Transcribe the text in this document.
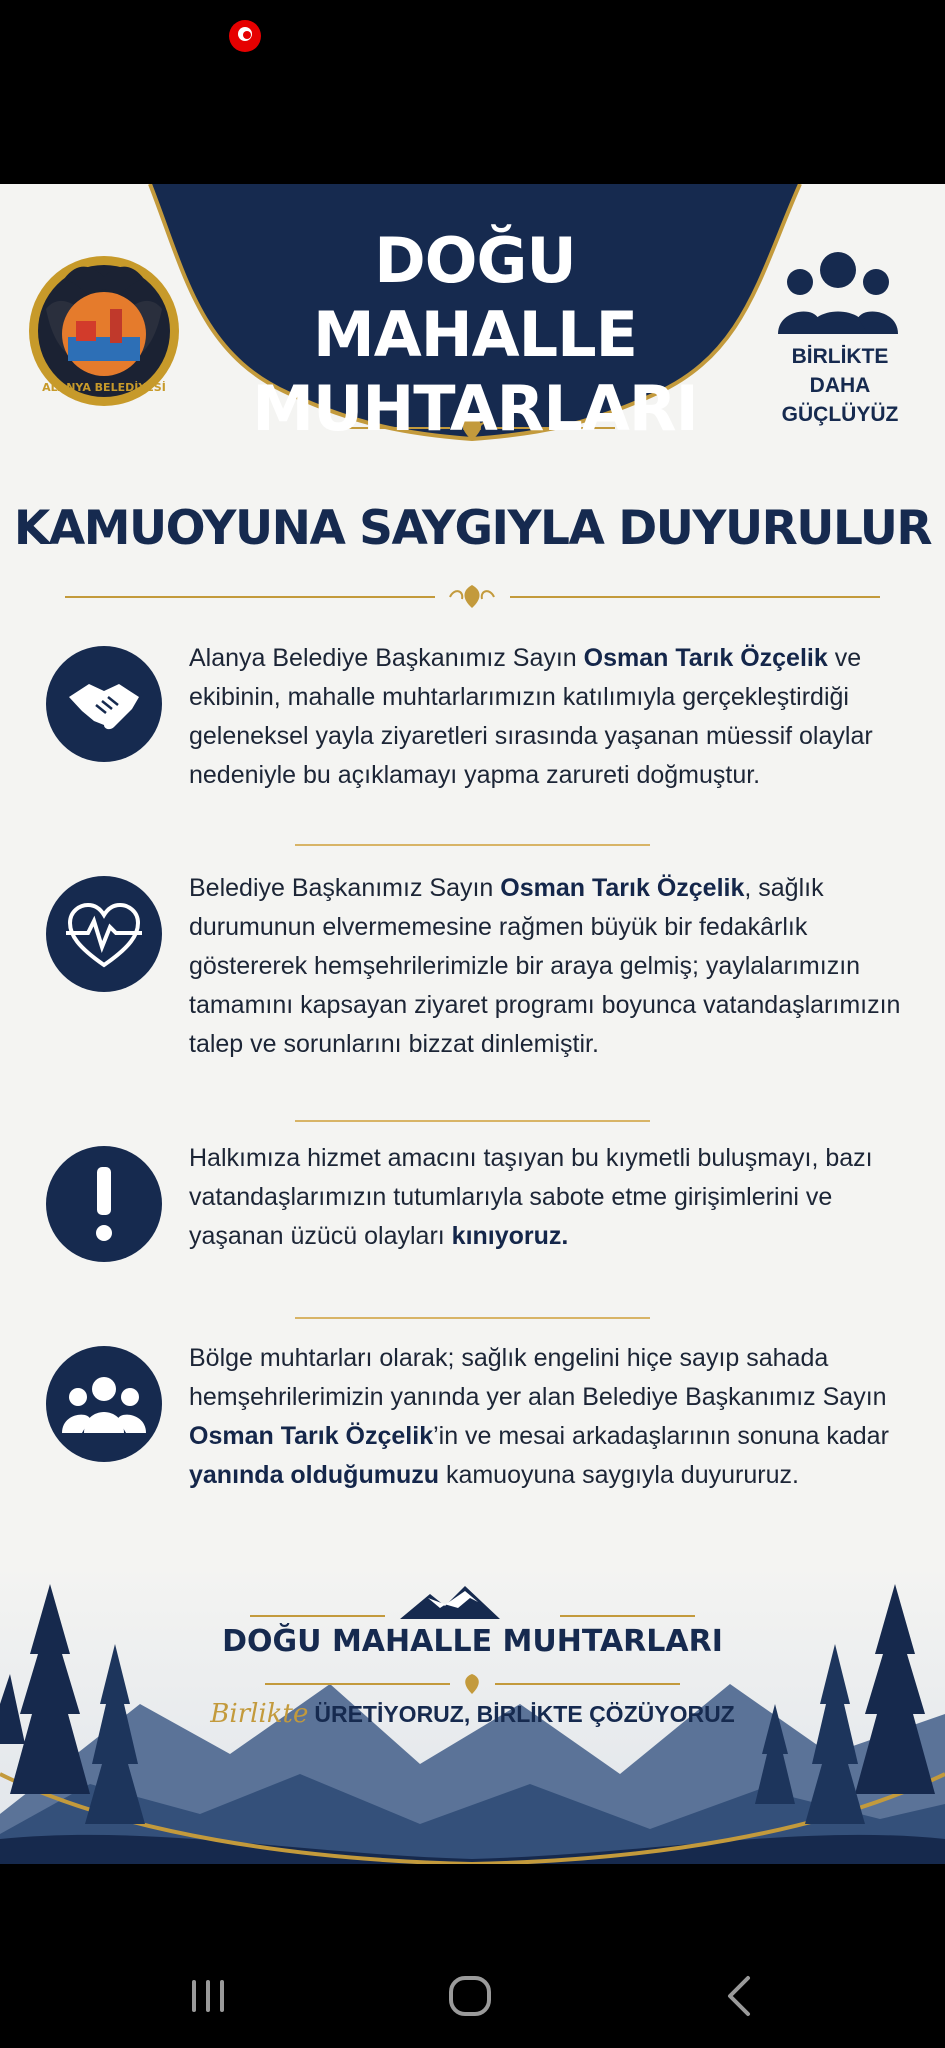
DOĞU MAHALLE
MUHTARLARI
ALANYA BELEDİYESİ
BİRLİKTE
DAHA GÜÇLÜYÜZ
KAMUOYUNA SAYGIYLA DUYURULUR
Alanya Belediye Başkanımız Sayın Osman Tarık Özçelik ve ekibinin, mahalle muhtarlarımızın katılımıyla gerçekleştirdiği geleneksel yayla ziyaretleri sırasında yaşanan müessif olaylar nedeniyle bu açıklamayı yapma zarureti doğmuştur.
Belediye Başkanımız Sayın Osman Tarık Özçelik, sağlık durumunun elvermemesine rağmen büyük bir fedakârlık göstererek hemşehrilerimizle bir araya gelmiş; yaylalarımızın tamamını kapsayan ziyaret programı boyunca vatandaşlarımızın talep ve sorunlarını bizzat dinlemiştir.
Halkımıza hizmet amacını taşıyan bu kıymetli buluşmayı, bazı vatandaşlarımızın tutumlarıyla sabote etme girişimlerini ve yaşanan üzücü olayları kınıyoruz.
Bölge muhtarları olarak; sağlık engelini hiçe sayıp sahada hemşehrilerimizin yanında yer alan Belediye Başkanımız Sayın Osman Tarık Özçelik’in ve mesai arkadaşlarının sonuna kadar yanında olduğumuzu kamuoyuna saygıyla duyururuz.
DOĞU MAHALLE MUHTARLARI
Birlikte ÜRETİYORUZ, BİRLİKTE ÇÖZÜYORUZ
